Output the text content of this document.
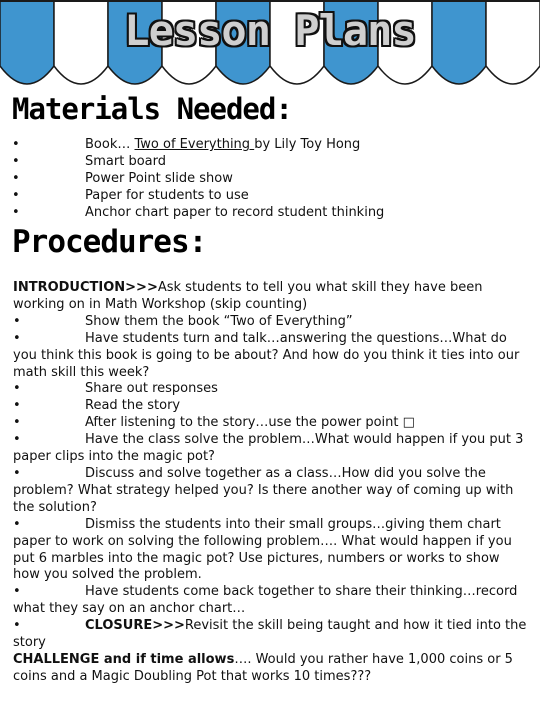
Lesson Plans
Materials Needed:
•	Book… Two of Everything by Lily Toy Hong
•	Smart board
•	Power Point slide show
•	Paper for students to use
•	Anchor chart paper to record student thinking
Procedures:

INTRODUCTION>>>Ask students to tell you what skill they have been working on in Math Workshop (skip counting)

•	Show them the book “Two of Everything”

•	Have students turn and talk…answering the questions…What do you think this book is going to be about? And how do you think it ties into our math skill this week?

•	Share out responses

•	Read the story

•	After listening to the story…use the power point □

•	Have the class solve the problem…What would happen if you put 3 paper clips into the magic pot?

•	Discuss and solve together as a class…How did you solve the problem? What strategy helped you? Is there another way of coming up with the solution?

•	Dismiss the students into their small groups…giving them chart paper to work on solving the following problem…. What would happen if you put 6 marbles into the magic pot? Use pictures, numbers or works to show how you solved the problem.

•	Have students come back together to share their thinking…record what they say on an anchor chart…

•	CLOSURE>>>Revisit the skill being taught and how it tied into the story

CHALLENGE and if time allows…. Would you rather have 1,000 coins or 5 coins and a Magic Doubling Pot that works 10 times???
